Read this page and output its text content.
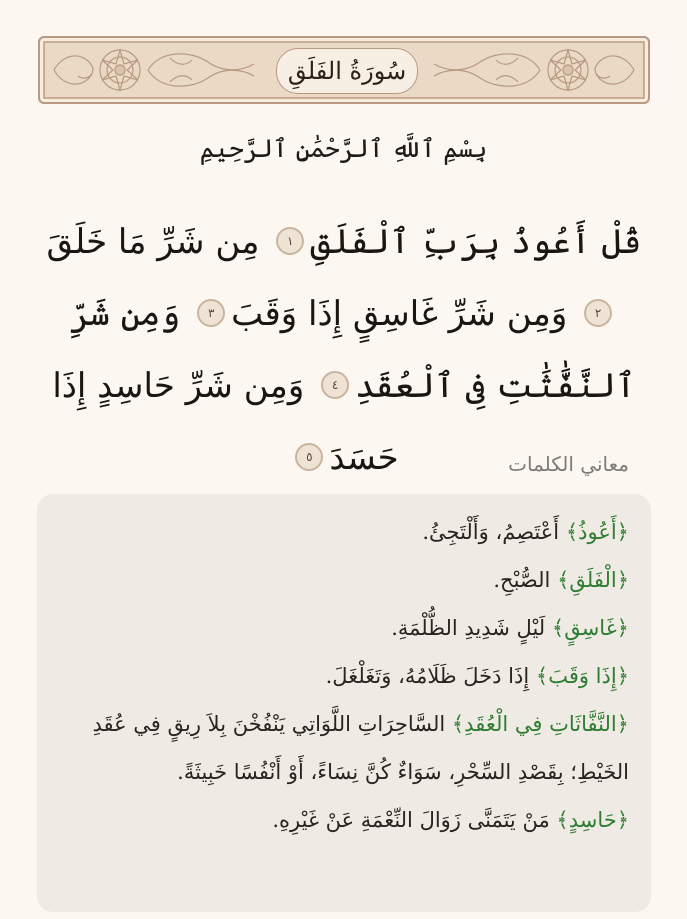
سُورَةُ الفَلَقِ
بِسْمِ ٱللَّهِ ٱلرَّحْمَٰنِ ٱلرَّحِيمِ
قُلْ أَعُوذُ بِرَبِّ ٱلْفَلَقِ١ مِن شَرِّ مَا خَلَقَ٢ وَمِن شَرِّ غَاسِقٍ إِذَا وَقَبَ٣ وَمِن شَرِّ ٱلنَّفَّٰثَٰتِ فِى ٱلْعُقَدِ٤ وَمِن شَرِّ حَاسِدٍ إِذَا حَسَدَ٥	معاني الكلمات

﴿أَعُوذُ﴾ أَعْتَصِمُ، وَأَلْتَجِئُ.

﴿الْفَلَقِ﴾ الصُّبْحِ.

﴿غَاسِقٍ﴾ لَيْلٍ شَدِيدِ الظُّلْمَةِ.

﴿إِذَا وَقَبَ﴾ إِذَا دَخَلَ ظَلَامُهُ، وَتَغَلْغَلَ.

﴿النَّفَّاثَاتِ فِي الْعُقَدِ﴾ السَّاحِرَاتِ اللَّوَاتِي يَنْفُخْنَ بِلاَ رِيقٍ فِي عُقَدِ الخَيْطِ؛ بِقَصْدِ السِّحْرِ، سَوَاءٌ كُنَّ نِسَاءً، أَوْ أَنْفُسًا خَبِيثَةً.

﴿حَاسِدٍ﴾ مَنْ يَتَمَنَّى زَوَالَ النِّعْمَةِ عَنْ غَيْرِهِ.
